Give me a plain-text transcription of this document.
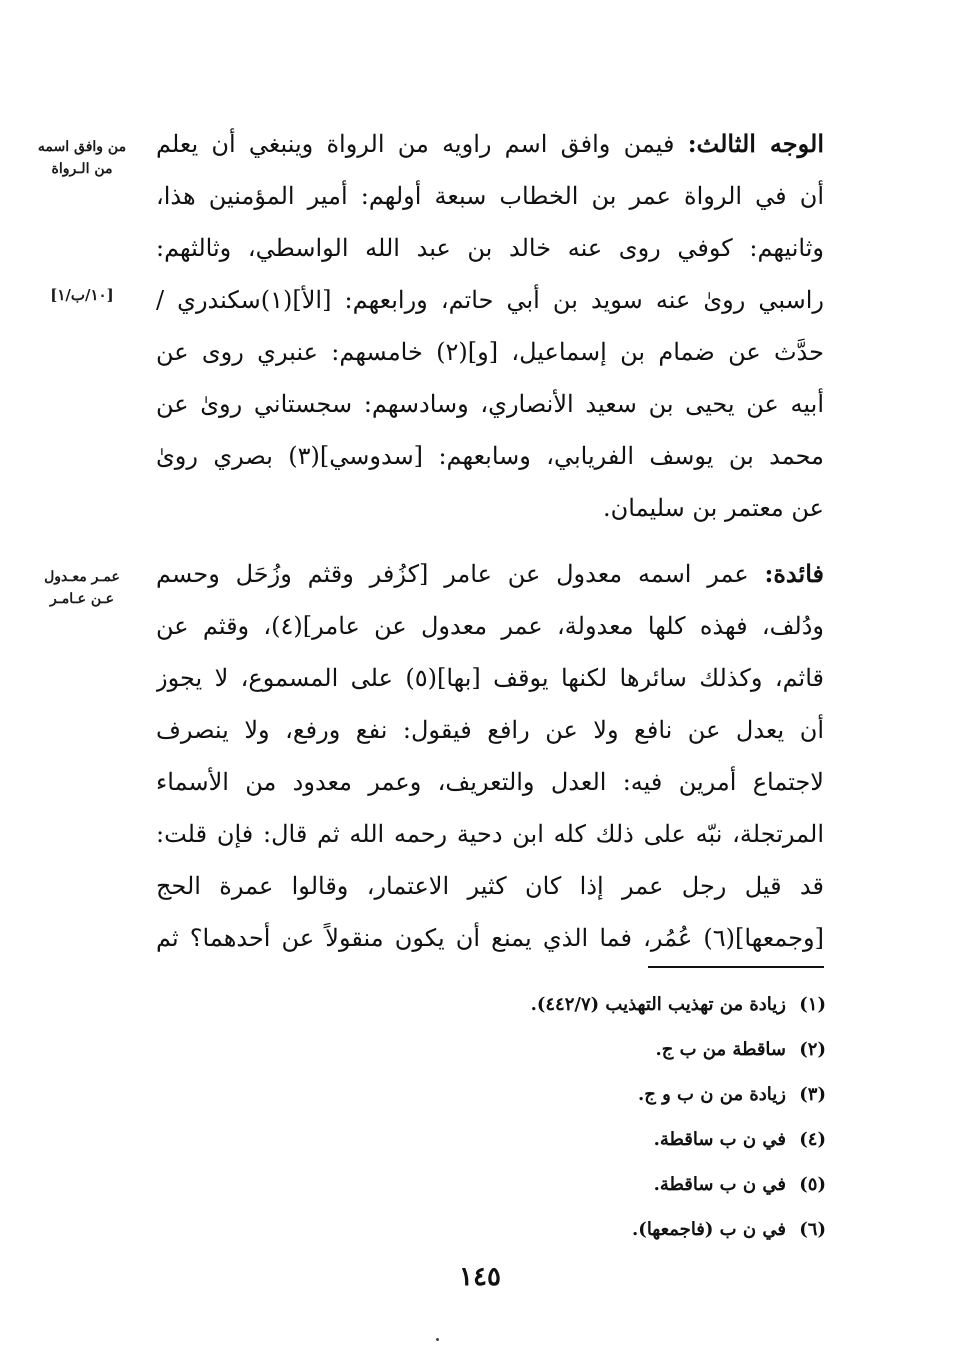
من وافق اسمه
من الـرواة
[١٠/ب/١]
عمـر معـدول
عـن عـامـر
الوجه الثالث: فيمن وافق اسم راويه من الرواة وينبغي أن يعلم
أن في الرواة عمر بن الخطاب سبعة أولهم: أمير المؤمنين هذا،
وثانيهم: كوفي روى عنه خالد بن عبد الله الواسطي، وثالثهم:
راسبي روىٰ عنه سويد بن أبي حاتم، ورابعهم: [الأ](١)سكندري /
حدَّث عن ضمام بن إسماعيل، [و](٢) خامسهم: عنبري روى عن
أبيه عن يحيى بن سعيد الأنصاري، وسادسهم: سجستاني روىٰ عن
محمد بن يوسف الفريابي، وسابعهم: [سدوسي](٣) بصري روىٰ
عن معتمر بن سليمان.
فائدة: عمر اسمه معدول عن عامر [كزُفر وقثم وزُحَل وحسم
ودُلف، فهذه كلها معدولة، عمر معدول عن عامر](٤)، وقثم عن
قاثم، وكذلك سائرها لكنها يوقف [بها](٥) على المسموع، لا يجوز
أن يعدل عن نافع ولا عن رافع فيقول: نفع ورفع، ولا ينصرف
لاجتماع أمرين فيه: العدل والتعريف، وعمر معدود من الأسماء
المرتجلة، نبّه على ذلك كله ابن دحية رحمه الله ثم قال: فإن قلت:
قد قيل رجل عمر إذا كان كثير الاعتمار، وقالوا عمرة الحج
[وجمعها](٦) عُمُر، فما الذي يمنع أن يكون منقولاً عن أحدهما؟ ثم
(١)زيادة من تهذيب التهذيب (٤٤٢/٧).
(٢)ساقطة من ب ج.
(٣)زيادة من ن ب و ج.
(٤)في ن ب ساقطة.
(٥)في ن ب ساقطة.
(٦)في ن ب (فاجمعها).
١٤٥
